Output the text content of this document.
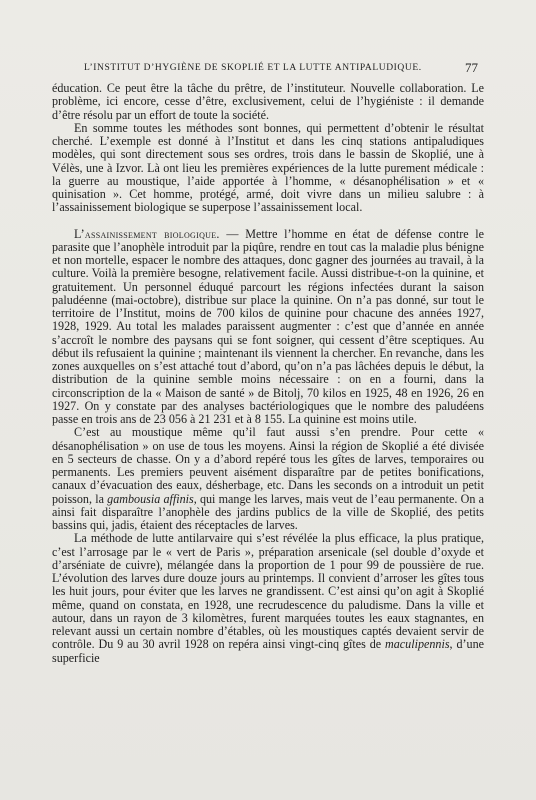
L’INSTITUT D’HYGIÈNE DE SKOPLIÉ ET LA LUTTE ANTIPALUDIQUE.	77

éducation. Ce peut être la tâche du prêtre, de l’instituteur. Nouvelle collaboration. Le problème, ici encore, cesse d’être, exclusivement, celui de l’hygiéniste : il demande d’être résolu par un effort de toute la société.

En somme toutes les méthodes sont bonnes, qui permettent d’obtenir le résultat cherché. L’exemple est donné à l’Institut et dans les cinq stations antipaludiques modèles, qui sont directement sous ses ordres, trois dans le bassin de Skoplié, une à Vélès, une à Izvor. Là ont lieu les premières expériences de la lutte purement médicale : la guerre au moustique, l’aide apportée à l’homme, « désanophélisation » et « quinisation ». Cet homme, protégé, armé, doit vivre dans un milieu salubre : à l’assainissement biologique se superpose l’assainissement local.

L’assainissement biologique. — Mettre l’homme en état de défense contre le parasite que l’anophèle introduit par la piqûre, rendre en tout cas la maladie plus bénigne et non mortelle, espacer le nombre des attaques, donc gagner des journées au travail, à la culture. Voilà la première besogne, relativement facile. Aussi distribue-t-on la quinine, et gratuitement. Un personnel éduqué parcourt les régions infectées durant la saison paludéenne (mai-octobre), distribue sur place la quinine. On n’a pas donné, sur tout le territoire de l’Institut, moins de 700 kilos de quinine pour chacune des années 1927, 1928, 1929. Au total les malades paraissent augmenter : c’est que d’année en année s’accroît le nombre des paysans qui se font soigner, qui cessent d’être sceptiques. Au début ils refusaient la quinine ; maintenant ils viennent la chercher. En revanche, dans les zones auxquelles on s’est attaché tout d’abord, qu’on n’a pas lâchées depuis le début, la distribution de la quinine semble moins nécessaire : on en a fourni, dans la circonscription de la « Maison de santé » de Bitolj, 70 kilos en 1925, 48 en 1926, 26 en 1927. On y constate par des analyses bactériologiques que le nombre des paludéens passe en trois ans de 23 056 à 21 231 et à 8 155. La quinine est moins utile.

C’est au moustique même qu’il faut aussi s’en prendre. Pour cette « désanophélisation » on use de tous les moyens. Ainsi la région de Skoplié a été divisée en 5 secteurs de chasse. On y a d’abord repéré tous les gîtes de larves, temporaires ou permanents. Les premiers peuvent aisément disparaître par de petites bonifications, canaux d’évacuation des eaux, désherbage, etc. Dans les seconds on a introduit un petit poisson, la gambousia affinis, qui mange les larves, mais veut de l’eau permanente. On a ainsi fait disparaître l’anophèle des jardins publics de la ville de Skoplié, des petits bassins qui, jadis, étaient des réceptacles de larves.

La méthode de lutte antilarvaire qui s’est révélée la plus efficace, la plus pratique, c’est l’arrosage par le « vert de Paris », préparation arsenicale (sel double d’oxyde et d’arséniate de cuivre), mélangée dans la proportion de 1 pour 99 de poussière de rue. L’évolution des larves dure douze jours au printemps. Il convient d’arroser les gîtes tous les huit jours, pour éviter que les larves ne grandissent. C’est ainsi qu’on agit à Skoplié même, quand on constata, en 1928, une recrudescence du paludisme. Dans la ville et autour, dans un rayon de 3 kilomètres, furent marquées toutes les eaux stagnantes, en relevant aussi un certain nombre d’étables, où les moustiques captés devaient servir de contrôle. Du 9 au 30 avril 1928 on repéra ainsi vingt-cinq gîtes de maculipennis, d’une superficie
